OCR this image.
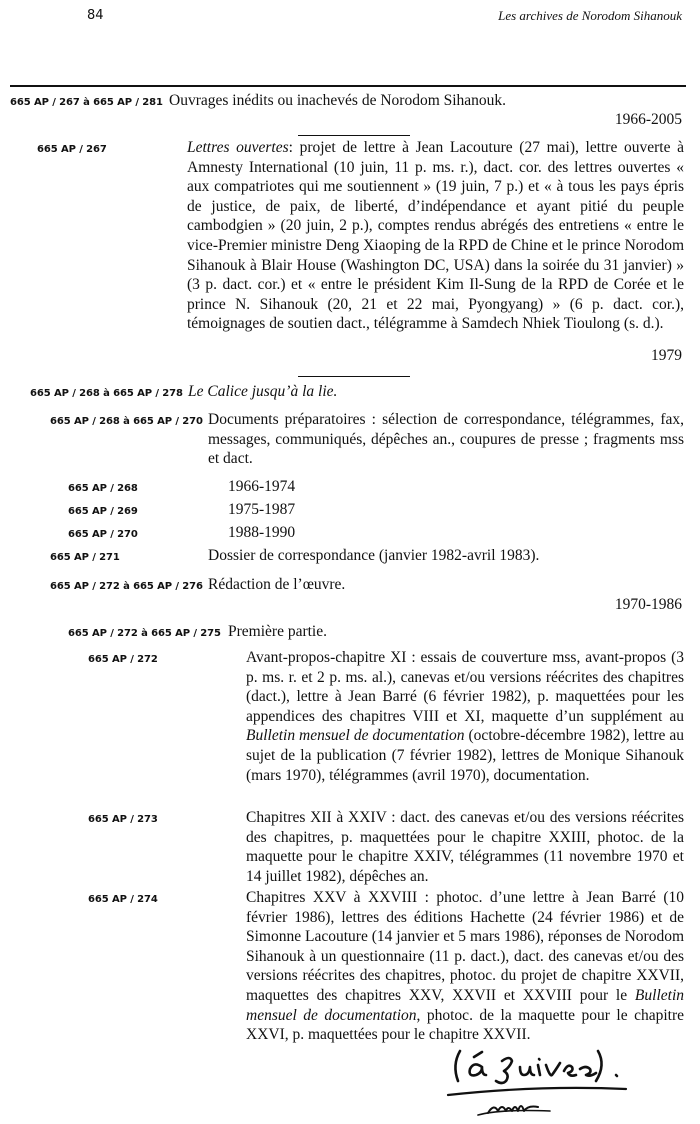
84	Les archives de Norodom Sihanouk
665 AP / 267 à 665 AP / 281 Ouvrages inédits ou inachevés de Norodom Sihanouk.
1966-2005
665 AP / 267	Lettres ouvertes: projet de lettre à Jean Lacouture (27 mai), lettre ouverte à Amnesty International (10 juin, 11 p. ms. r.), dact. cor. des lettres ouvertes « aux compatriotes qui me soutiennent » (19 juin, 7 p.) et « à tous les pays épris de justice, de paix, de liberté, d’indépendance et ayant pitié du peuple cambodgien » (20 juin, 2 p.), comptes rendus abrégés des entretiens « entre le vice-Premier ministre Deng Xiaoping de la RPD de Chine et le prince Norodom Sihanouk à Blair House (Washington DC, USA) dans la soirée du 31 janvier) » (3 p. dact. cor.) et « entre le président Kim Il-Sung de la RPD de Corée et le prince N. Sihanouk (20, 21 et 22 mai, Pyongyang) » (6 p. dact. cor.), témoignages de soutien dact., télégramme à Samdech Nhiek Tioulong (s. d.).
1979
665 AP / 268 à 665 AP / 278 Le Calice jusqu’à la lie.
665 AP / 268 à 665 AP / 270 Documents préparatoires : sélection de correspondance, télégrammes, fax, messages, communiqués, dépêches an., coupures de presse ; fragments mss et dact.
665 AP / 268	1966-1974
665 AP / 269	1975-1987
665 AP / 270	1988-1990
665 AP / 271	Dossier de correspondance (janvier 1982-avril 1983).
665 AP / 272 à 665 AP / 276 Rédaction de l’œuvre.
1970-1986
665 AP / 272 à 665 AP / 275 Première partie.
665 AP / 272	Avant-propos-chapitre XI : essais de couverture mss, avant-propos (3 p. ms. r. et 2 p. ms. al.), canevas et/ou versions réécrites des chapitres (dact.), lettre à Jean Barré (6 février 1982), p. maquettées pour les appendices des chapitres VIII et XI, maquette d’un supplément au Bulletin mensuel de documentation (octobre-décembre 1982), lettre au sujet de la publication (7 février 1982), lettres de Monique Sihanouk (mars 1970), télégrammes (avril 1970), documentation.
665 AP / 273	Chapitres XII à XXIV : dact. des canevas et/ou des versions réécrites des chapitres, p. maquettées pour le chapitre XXIII, photoc. de la maquette pour le chapitre XXIV, télégrammes (11 novembre 1970 et 14 juillet 1982), dépêches an.
665 AP / 274	Chapitres XXV à XXVIII : photoc. d’une lettre à Jean Barré (10 février 1986), lettres des éditions Hachette (24 février 1986) et de Simonne Lacouture (14 janvier et 5 mars 1986), réponses de Norodom Sihanouk à un questionnaire (11 p. dact.), dact. des canevas et/ou des versions réécrites des chapitres, photoc. du projet de chapitre XXVII, maquettes des chapitres XXV, XXVII et XXVIII pour le Bulletin mensuel de documentation, photoc. de la maquette pour le chapitre XXVI, p. maquettées pour le chapitre XXVII.
